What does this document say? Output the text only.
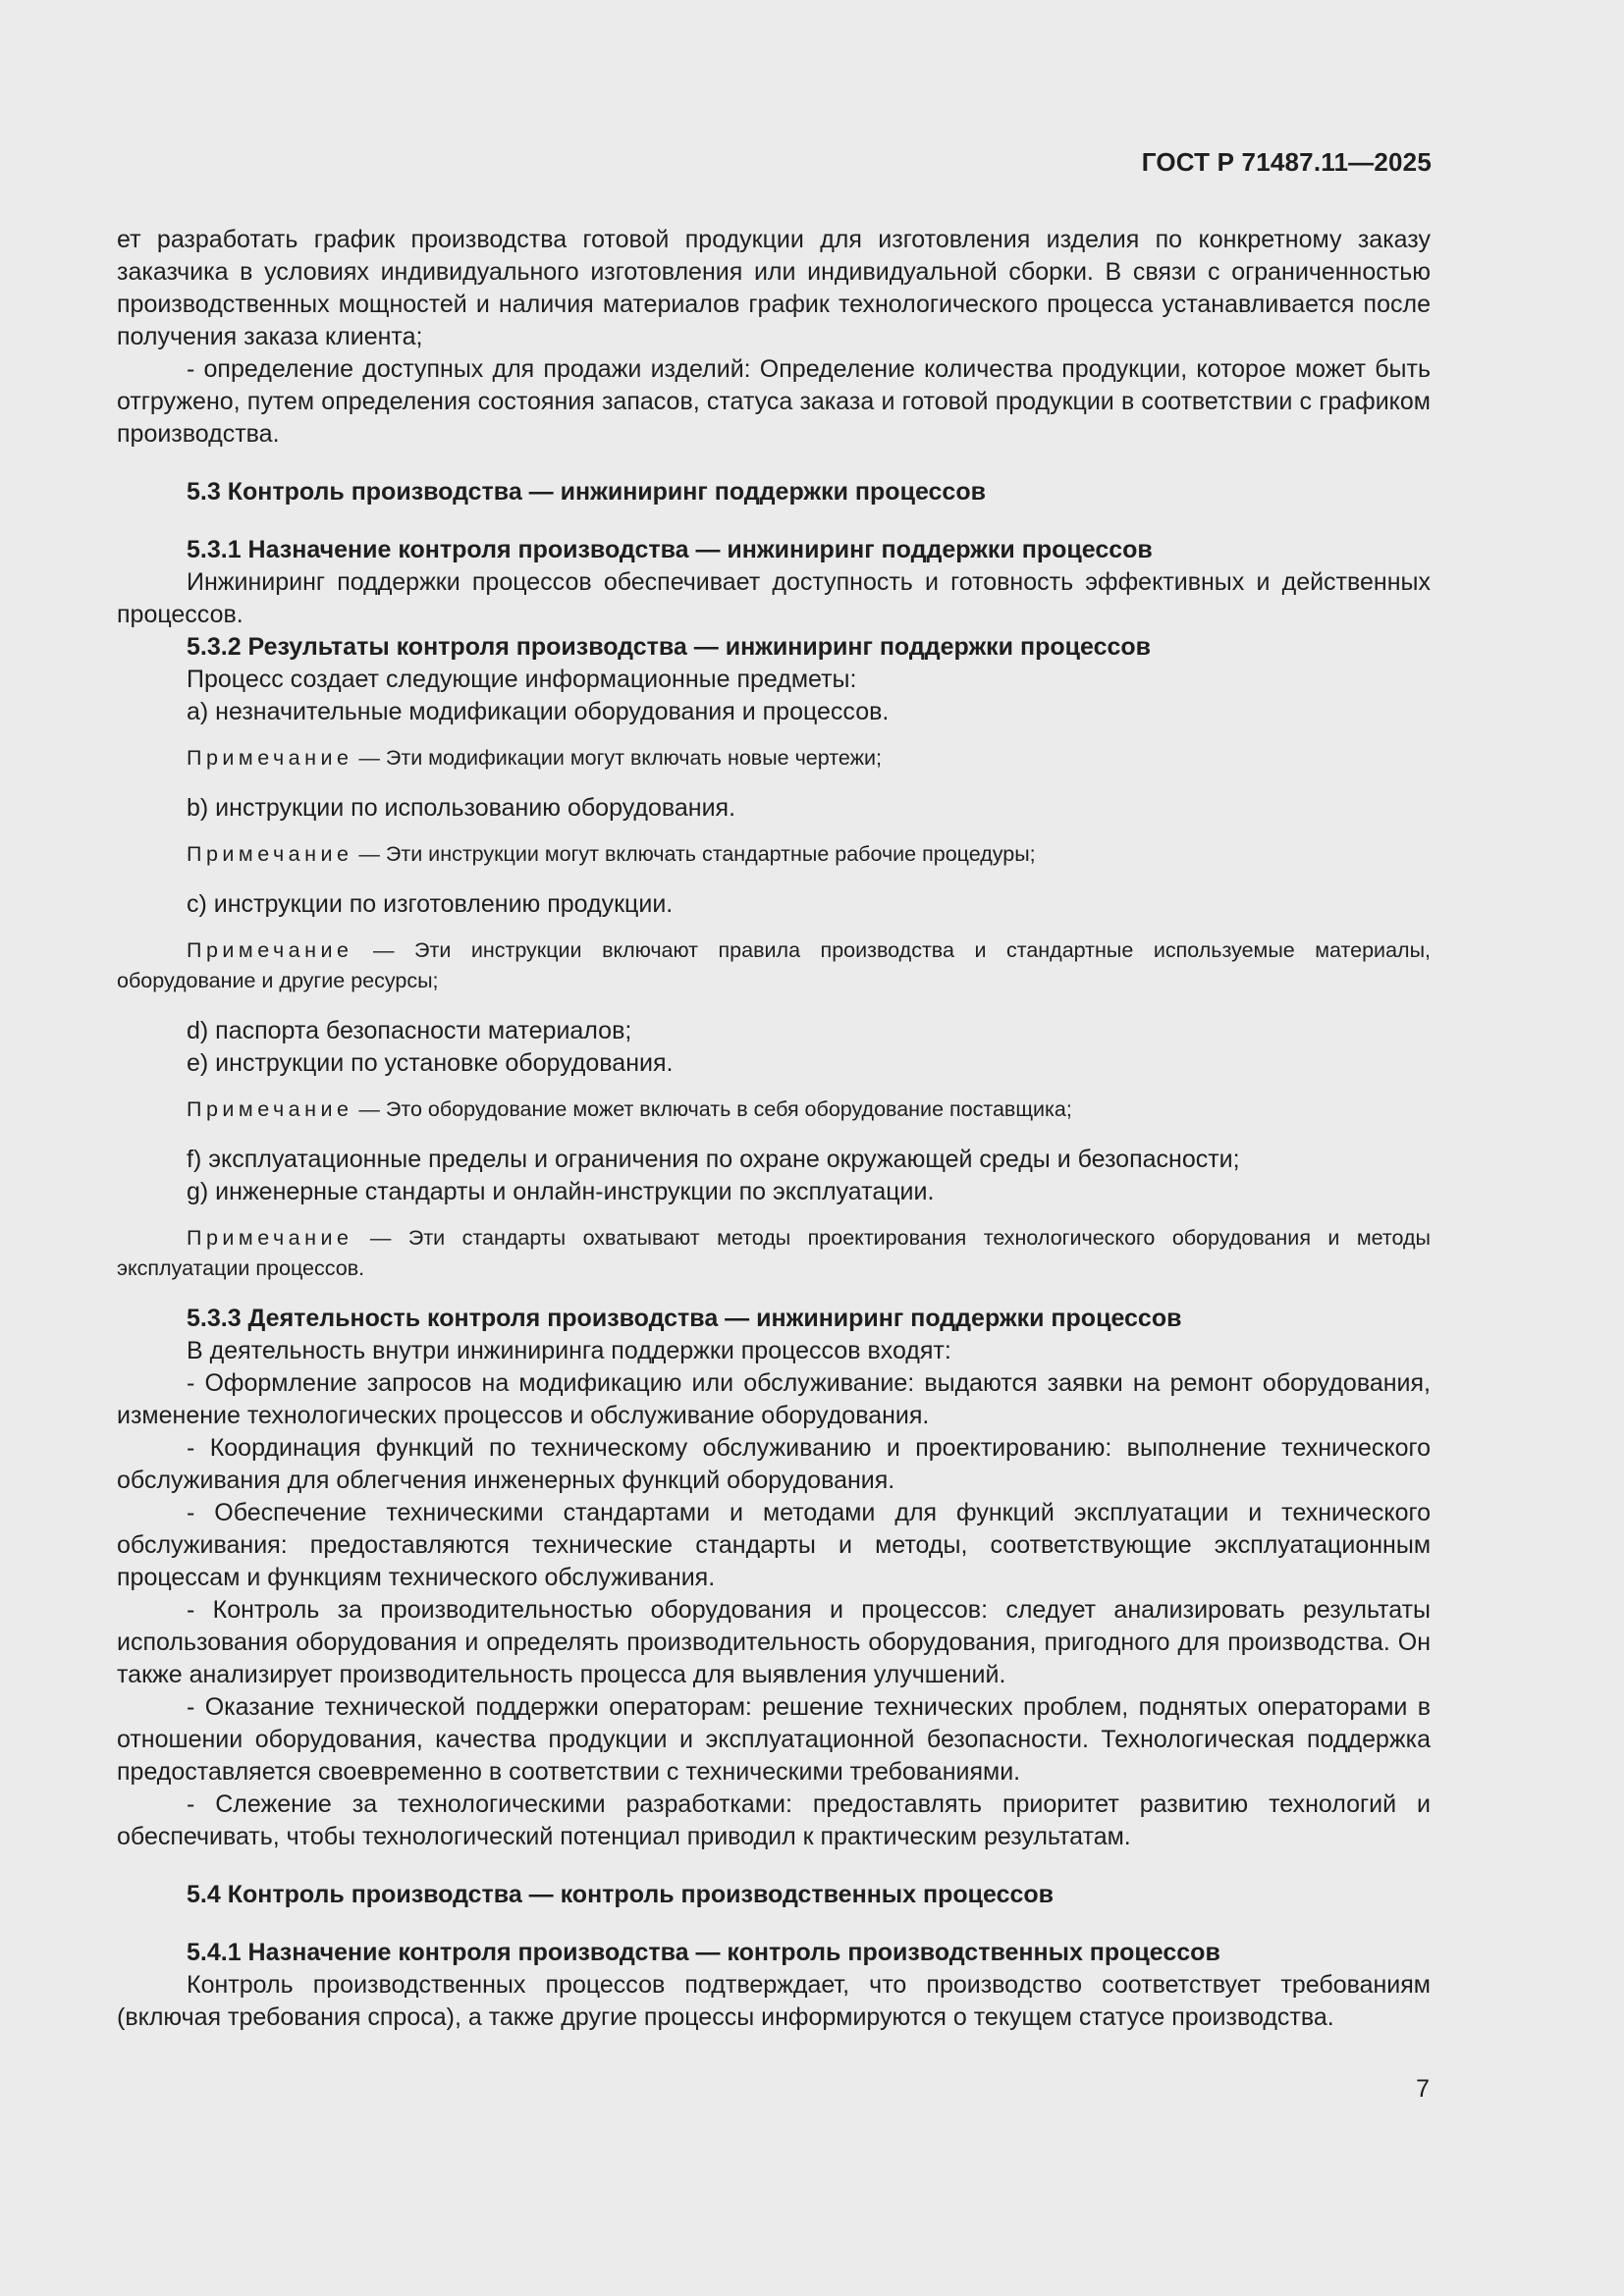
ГОСТ Р 71487.11—2025

ет разработать график производства готовой продукции для изготовления изделия по конкретному заказу заказчика в условиях индивидуального изготовления или индивидуальной сборки. В связи с ограниченностью производственных мощностей и наличия материалов график технологического процесса устанавливается после получения заказа клиента;

- определение доступных для продажи изделий: Определение количества продукции, которое может быть отгружено, путем определения состояния запасов, статуса заказа и готовой продукции в соответствии с графиком производства.

5.3 Контроль производства — инжиниринг поддержки процессов

5.3.1 Назначение контроля производства — инжиниринг поддержки процессов

Инжиниринг поддержки процессов обеспечивает доступность и готовность эффективных и действенных процессов.

5.3.2 Результаты контроля производства — инжиниринг поддержки процессов

Процесс создает следующие информационные предметы:

a) незначительные модификации оборудования и процессов.

Примечание — Эти модификации могут включать новые чертежи;

b) инструкции по использованию оборудования.

Примечание — Эти инструкции могут включать стандартные рабочие процедуры;

c) инструкции по изготовлению продукции.

Примечание — Эти инструкции включают правила производства и стандартные используемые материалы, оборудование и другие ресурсы;

d) паспорта безопасности материалов;

e) инструкции по установке оборудования.

Примечание — Это оборудование может включать в себя оборудование поставщика;

f) эксплуатационные пределы и ограничения по охране окружающей среды и безопасности;

g) инженерные стандарты и онлайн-инструкции по эксплуатации.

Примечание — Эти стандарты охватывают методы проектирования технологического оборудования и методы эксплуатации процессов.

5.3.3 Деятельность контроля производства — инжиниринг поддержки процессов

В деятельность внутри инжиниринга поддержки процессов входят:

- Оформление запросов на модификацию или обслуживание: выдаются заявки на ремонт оборудования, изменение технологических процессов и обслуживание оборудования.

- Координация функций по техническому обслуживанию и проектированию: выполнение технического обслуживания для облегчения инженерных функций оборудования.

- Обеспечение техническими стандартами и методами для функций эксплуатации и технического обслуживания: предоставляются технические стандарты и методы, соответствующие эксплуатационным процессам и функциям технического обслуживания.

- Контроль за производительностью оборудования и процессов: следует анализировать результаты использования оборудования и определять производительность оборудования, пригодного для производства. Он также анализирует производительность процесса для выявления улучшений.

- Оказание технической поддержки операторам: решение технических проблем, поднятых операторами в отношении оборудования, качества продукции и эксплуатационной безопасности. Технологическая поддержка предоставляется своевременно в соответствии с техническими требованиями.

- Слежение за технологическими разработками: предоставлять приоритет развитию технологий и обеспечивать, чтобы технологический потенциал приводил к практическим результатам.

5.4 Контроль производства — контроль производственных процессов

5.4.1 Назначение контроля производства — контроль производственных процессов

Контроль производственных процессов подтверждает, что производство соответствует требованиям (включая требования спроса), а также другие процессы информируются о текущем статусе производства.

7
